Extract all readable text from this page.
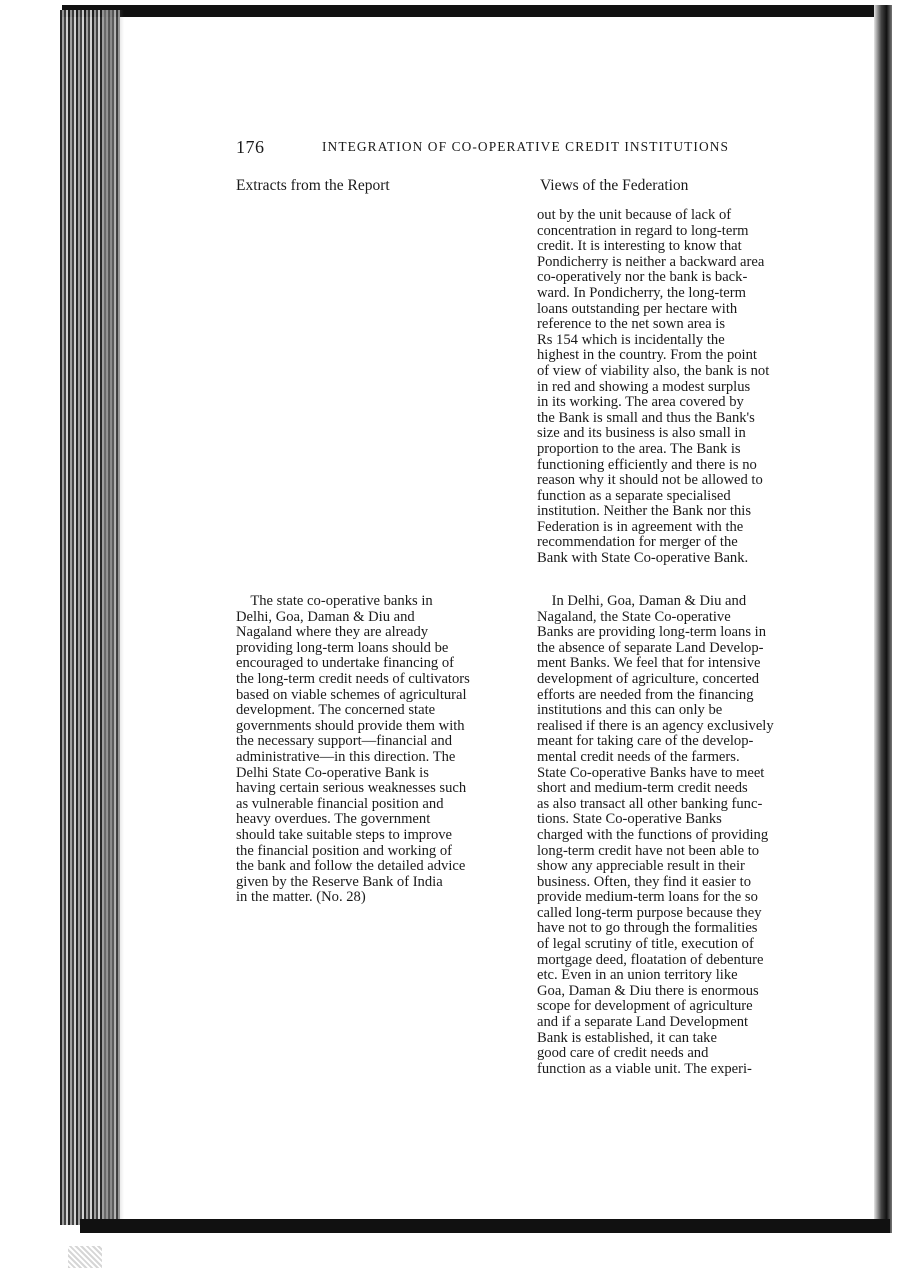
176	INTEGRATION OF CO-OPERATIVE CREDIT INSTITUTIONS
Extracts from the Report	Views of the Federation
out by the unit because of lack of
concentration in regard to long-term
credit. It is interesting to know that
Pondicherry is neither a backward area
co-operatively nor the bank is back-
ward. In Pondicherry, the long-term
loans outstanding per hectare with
reference to the net sown area is
Rs 154 which is incidentally the
highest in the country. From the point
of view of viability also, the bank is not
in red and showing a modest surplus
in its working. The area covered by
the Bank is small and thus the Bank's
size and its business is also small in
proportion to the area. The Bank is
functioning efficiently and there is no
reason why it should not be allowed to
function as a separate specialised
institution. Neither the Bank nor this
Federation is in agreement with the
recommendation for merger of the
Bank with State Co-operative Bank.
The state co-operative banks in
Delhi, Goa, Daman & Diu and
Nagaland where they are already
providing long-term loans should be
encouraged to undertake financing of
the long-term credit needs of cultivators
based on viable schemes of agricultural
development. The concerned state
governments should provide them with
the necessary support—financial and
administrative—in this direction. The
Delhi State Co-operative Bank is
having certain serious weaknesses such
as vulnerable financial position and
heavy overdues. The government
should take suitable steps to improve
the financial position and working of
the bank and follow the detailed advice
given by the Reserve Bank of India
in the matter. (No. 28)
In Delhi, Goa, Daman & Diu and
Nagaland, the State Co-operative
Banks are providing long-term loans in
the absence of separate Land Develop-
ment Banks. We feel that for intensive
development of agriculture, concerted
efforts are needed from the financing
institutions and this can only be
realised if there is an agency exclusively
meant for taking care of the develop-
mental credit needs of the farmers.
State Co-operative Banks have to meet
short and medium-term credit needs
as also transact all other banking func-
tions. State Co-operative Banks
charged with the functions of providing
long-term credit have not been able to
show any appreciable result in their
business. Often, they find it easier to
provide medium-term loans for the so
called long-term purpose because they
have not to go through the formalities
of legal scrutiny of title, execution of
mortgage deed, floatation of debenture
etc. Even in an union territory like
Goa, Daman & Diu there is enormous
scope for development of agriculture
and if a separate Land Development
Bank is established, it can take
good care of credit needs and
function as a viable unit. The experi-
